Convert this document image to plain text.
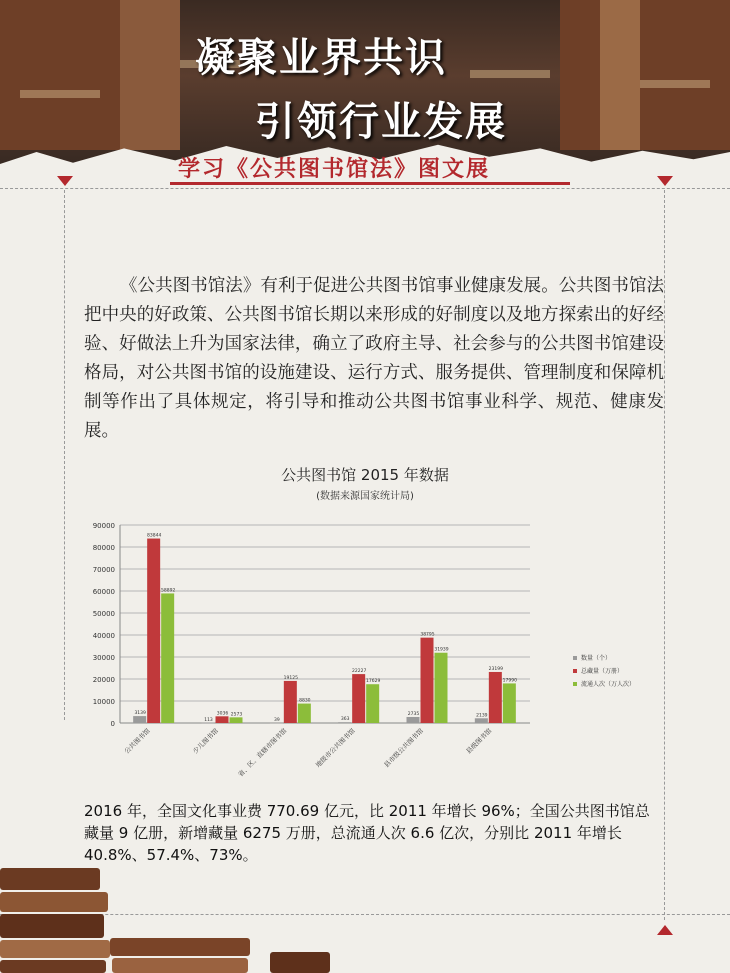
凝聚业界共识
引领行业发展
学习《公共图书馆法》图文展
《公共图书馆法》有利于促进公共图书馆事业健康发展。公共图书馆法把中央的好政策、公共图书馆长期以来形成的好制度以及地方探索出的好经验、好做法上升为国家法律，确立了政府主导、社会参与的公共图书馆建设格局，对公共图书馆的设施建设、运行方式、服务提供、管理制度和保障机制等作出了具体规定，将引导和推动公共图书馆事业科学、规范、健康发展。
公共图书馆 2015 年数据
(数据来源国家统计局)
0
10000
20000
30000
40000
50000
60000
70000
80000
90000
3139
83844
58892
公共图书馆
113
3036 2573
少儿图书馆
39
19125
8830
省、区、直辖市图书馆
363
22227
17629
地级市公共图书馆
2735
38795
31939
县市级公共图书馆
2139
23199
17990
县级图书馆
数量（个）
总藏量（万册）
流通人次（万人次）
2016 年，全国文化事业费 770.69 亿元，比 2011 年增长 96%；全国公共图书馆总藏量 9 亿册，新增藏量 6275 万册，总流通人次 6.6 亿次，分别比 2011 年增长 40.8%、57.4%、73%。
